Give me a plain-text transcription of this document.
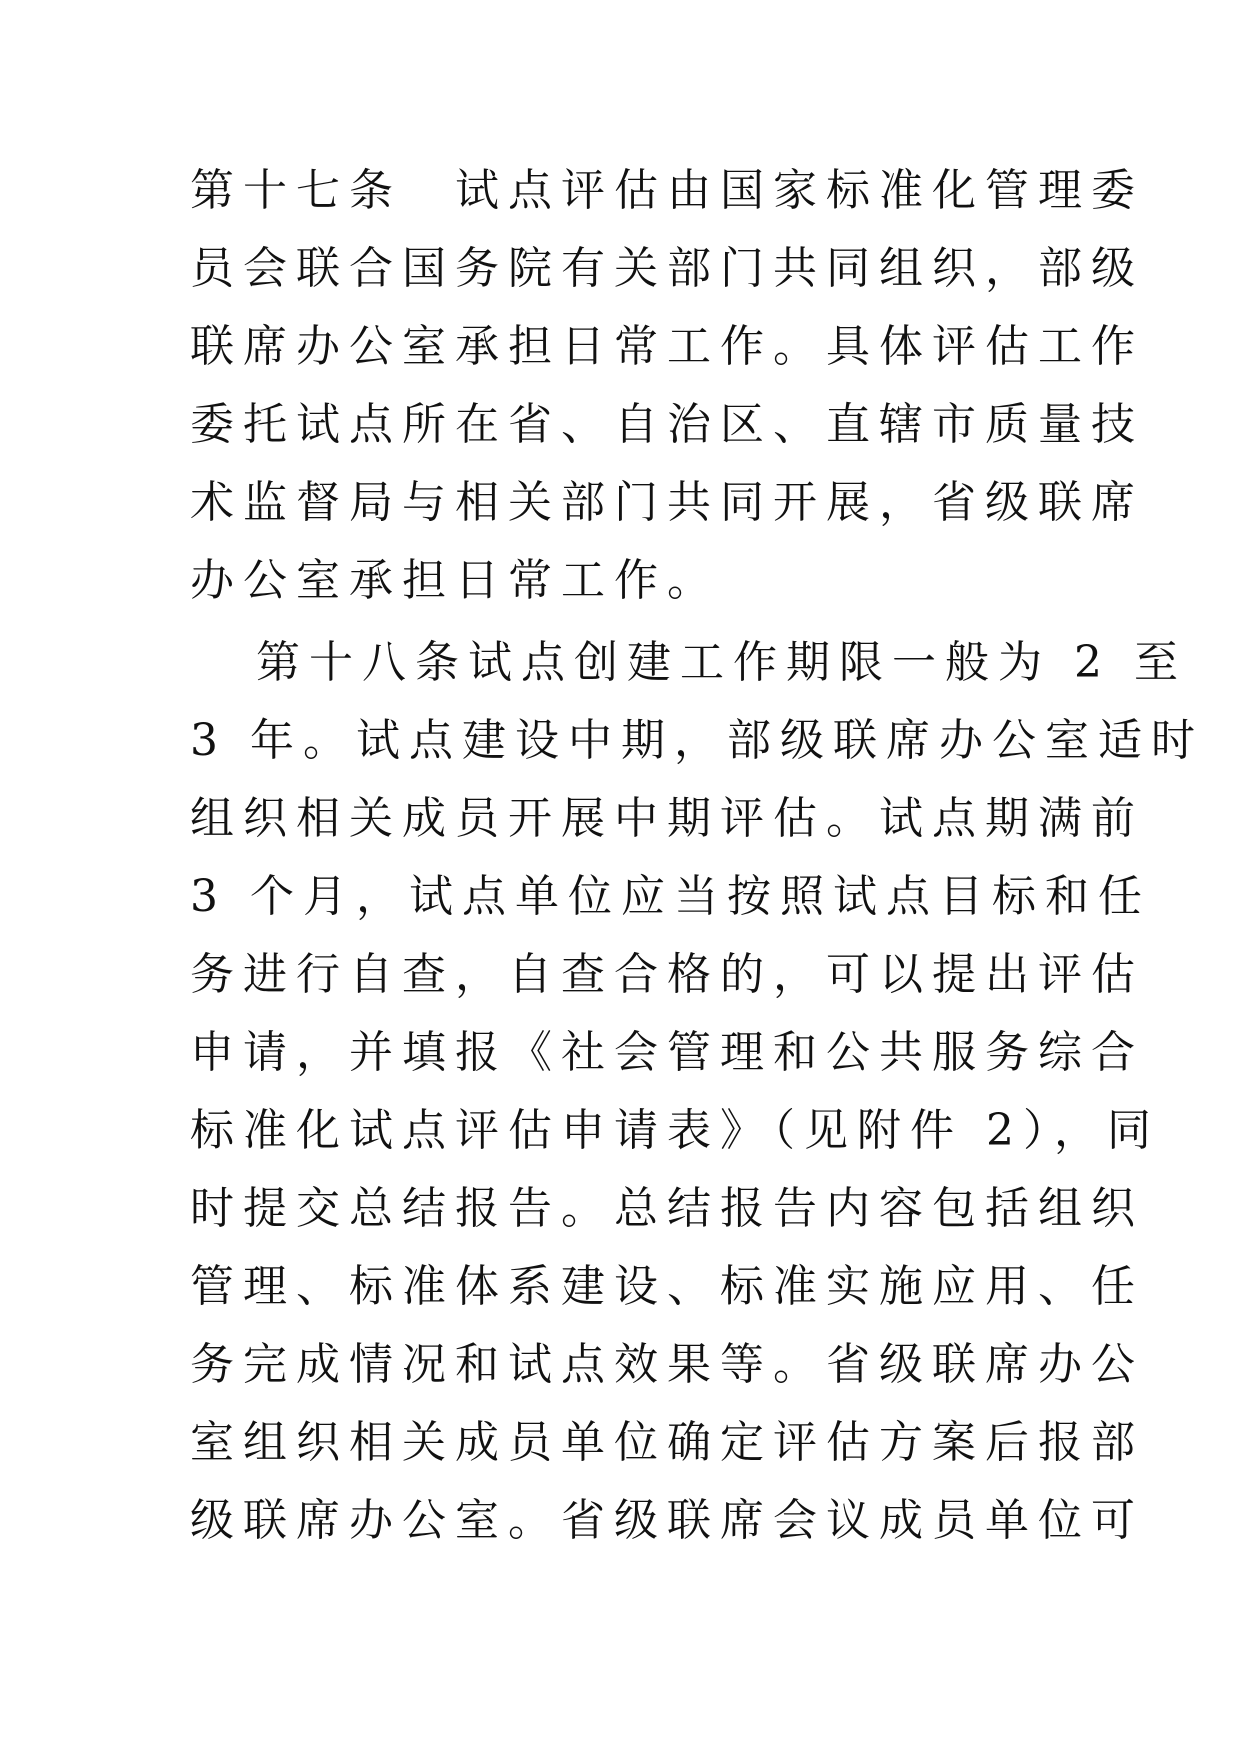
第十七条　试点评估由国家标准化管理委
员会联合国务院有关部门共同组织，部级
联席办公室承担日常工作。具体评估工作
委托试点所在省、自治区、直辖市质量技
术监督局与相关部门共同开展，省级联席
办公室承担日常工作。
第十八条试点创建工作期限一般为 2 至
3 年。试点建设中期，部级联席办公室适时
组织相关成员开展中期评估。试点期满前
3 个月，试点单位应当按照试点目标和任
务进行自查，自查合格的，可以提出评估
申请，并填报《社会管理和公共服务综合
标准化试点评估申请表》（见附件 2），同
时提交总结报告。总结报告内容包括组织
管理、标准体系建设、标准实施应用、任
务完成情况和试点效果等。省级联席办公
室组织相关成员单位确定评估方案后报部
级联席办公室。省级联席会议成员单位可
